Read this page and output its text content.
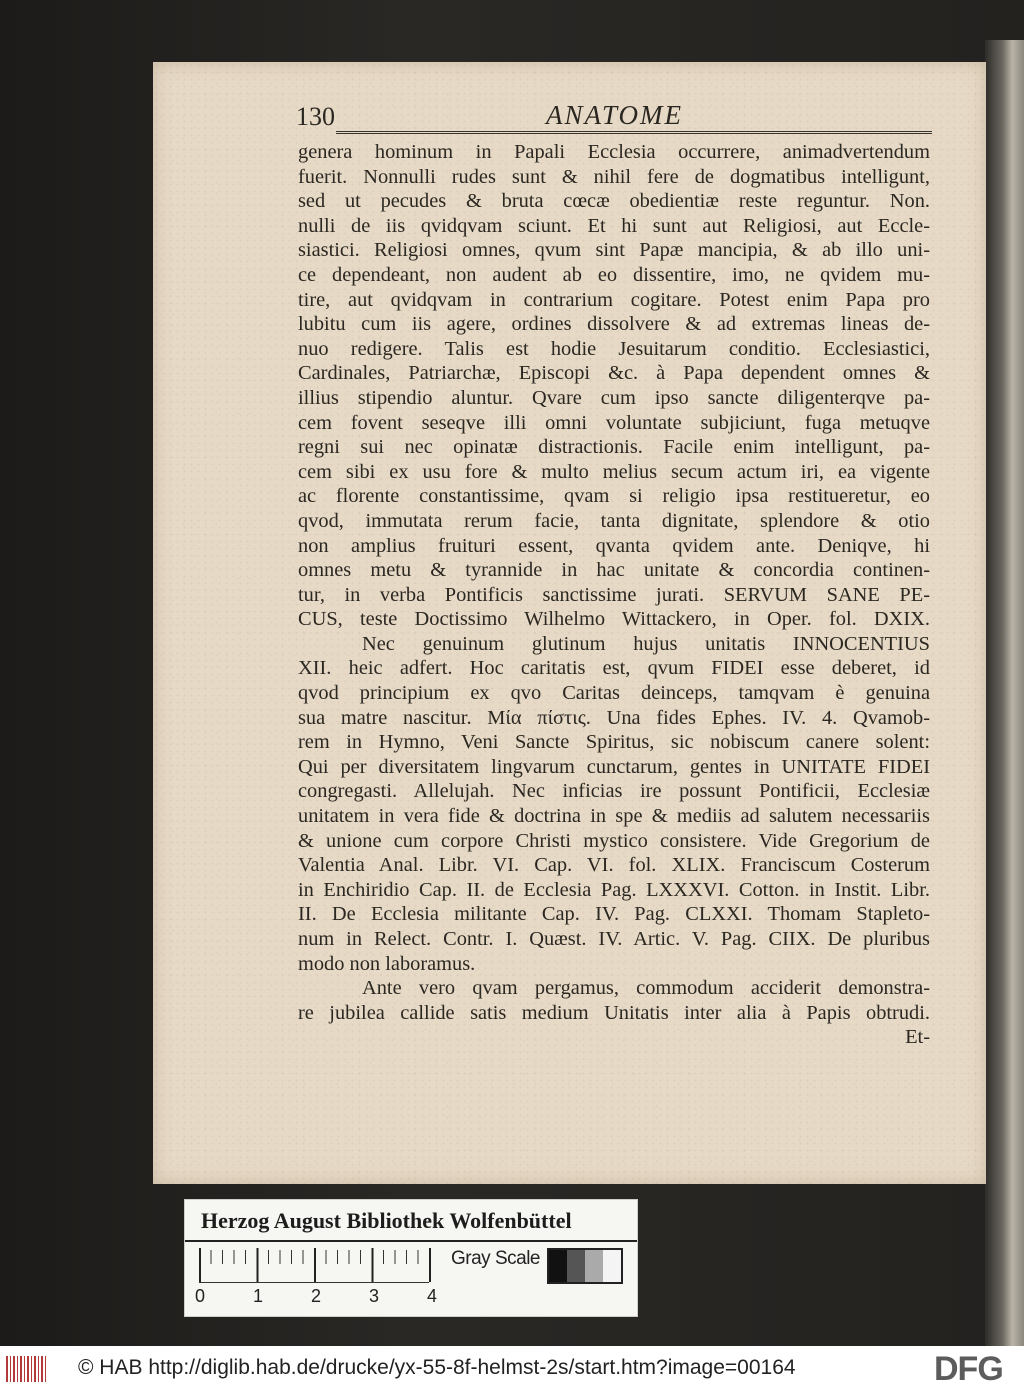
130	ANATOME
genera hominum in Papali Ecclesia occurrere, animadvertendum
fuerit. Nonnulli rudes sunt & nihil fere de dogmatibus intelligunt,
sed ut pecudes & bruta cœcæ obedientiæ reste reguntur. Non.
nulli de iis qvidqvam sciunt. Et hi sunt aut Religiosi, aut Eccle-
siastici. Religiosi omnes, qvum sint Papæ mancipia, & ab illo uni-
ce dependeant, non audent ab eo dissentire, imo, ne qvidem mu-
tire, aut qvidqvam in contrarium cogitare. Potest enim Papa pro
lubitu cum iis agere, ordines dissolvere & ad extremas lineas de-
nuo redigere. Talis est hodie Jesuitarum conditio. Ecclesiastici,
Cardinales, Patriarchæ, Episcopi &c. à Papa dependent omnes &
illius stipendio aluntur. Qvare cum ipso sancte diligenterqve pa-
cem fovent seseqve illi omni voluntate subjiciunt, fuga metuqve
regni sui nec opinatæ distractionis. Facile enim intelligunt, pa-
cem sibi ex usu fore & multo melius secum actum iri, ea vigente
ac florente constantissime, qvam si religio ipsa restitueretur, eo
qvod, immutata rerum facie, tanta dignitate, splendore & otio
non amplius fruituri essent, qvanta qvidem ante. Deniqve, hi
omnes metu & tyrannide in hac unitate & concordia continen-
tur, in verba Pontificis sanctissime jurati. SERVUM SANE PE-
CUS, teste Doctissimo Wilhelmo Wittackero, in Oper. fol. DXIX.
Nec genuinum glutinum hujus unitatis INNOCENTIUS
XII. heic adfert. Hoc caritatis est, qvum FIDEI esse deberet, id
qvod principium ex qvo Caritas deinceps, tamqvam è genuina
sua matre nascitur. Μία πίστις. Una fides Ephes. IV. 4. Qvamob-
rem in Hymno, Veni Sancte Spiritus, sic nobiscum canere solent:
Qui per diversitatem lingvarum cunctarum, gentes in UNITATE FIDEI
congregasti. Allelujah. Nec inficias ire possunt Pontificii, Ecclesiæ
unitatem in vera fide & doctrina in spe & mediis ad salutem necessariis
& unione cum corpore Christi mystico consistere. Vide Gregorium de
Valentia Anal. Libr. VI. Cap. VI. fol. XLIX. Franciscum Costerum
in Enchiridio Cap. II. de Ecclesia Pag. LXXXVI. Cotton. in Instit. Libr.
II. De Ecclesia militante Cap. IV. Pag. CLXXI. Thomam Stapleto-
num in Relect. Contr. I. Quæst. IV. Artic. V. Pag. CIIX. De pluribus
modo non laboramus.
Ante vero qvam pergamus, commodum acciderit demonstra-
re jubilea callide satis medium Unitatis inter alia à Papis obtrudi.
Et-
Herzog August Bibliothek Wolfenbüttel
0	1	2	3	4
Gray Scale
© HAB http://diglib.hab.de/drucke/yx-55-8f-helmst-2s/start.htm?image=00164	DFG
